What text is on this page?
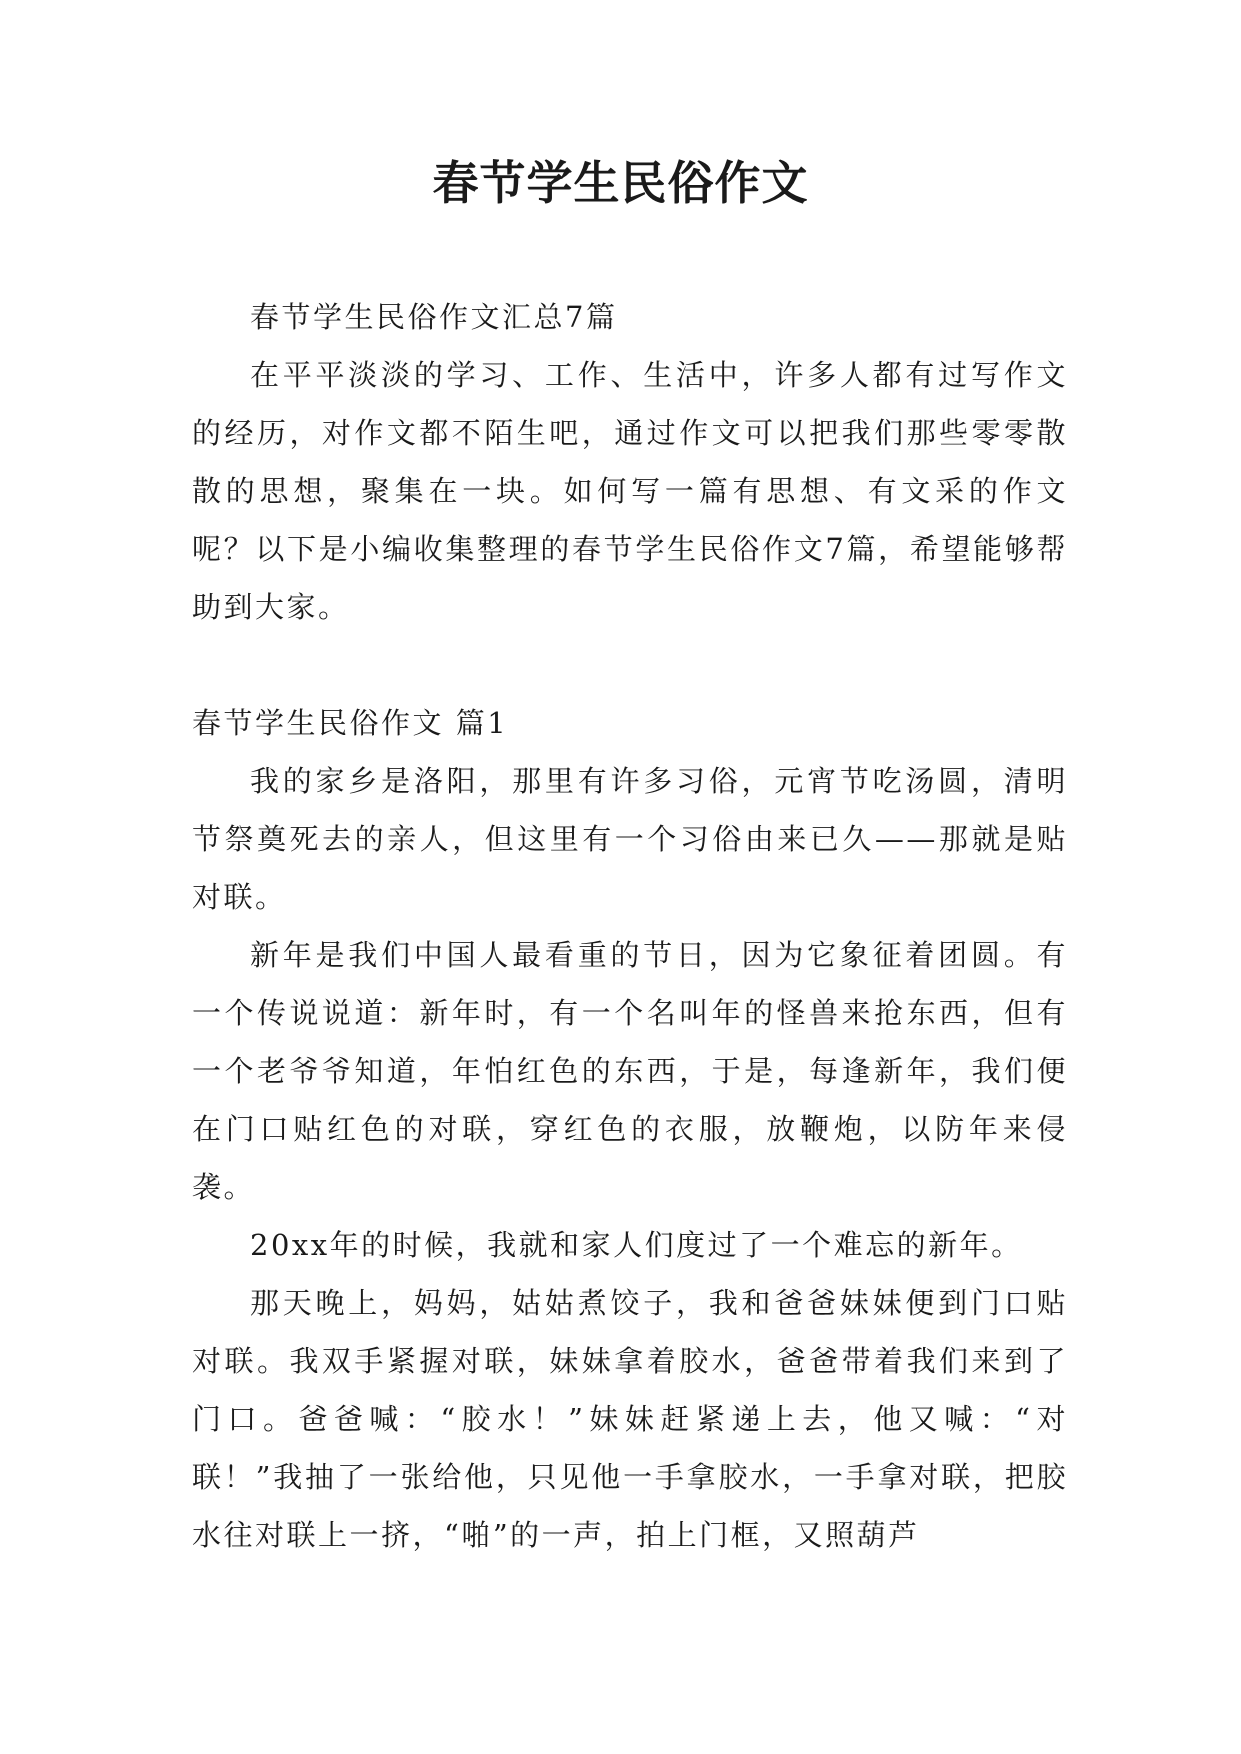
春节学生民俗作文

春节学生民俗作文汇总7篇

在平平淡淡的学习、工作、生活中，许多人都有过写作文的经历，对作文都不陌生吧，通过作文可以把我们那些零零散散的思想，聚集在一块。如何写一篇有思想、有文采的作文呢？以下是小编收集整理的春节学生民俗作文7篇，希望能够帮助到大家。

春节学生民俗作文 篇1

我的家乡是洛阳，那里有许多习俗，元宵节吃汤圆，清明节祭奠死去的亲人，但这里有一个习俗由来已久——那就是贴对联。

新年是我们中国人最看重的节日，因为它象征着团圆。有一个传说说道：新年时，有一个名叫年的怪兽来抢东西，但有一个老爷爷知道，年怕红色的东西，于是，每逢新年，我们便在门口贴红色的对联，穿红色的衣服，放鞭炮，以防年来侵袭。

20xx年的时候，我就和家人们度过了一个难忘的新年。

那天晚上，妈妈，姑姑煮饺子，我和爸爸妹妹便到门口贴对联。我双手紧握对联，妹妹拿着胶水，爸爸带着我们来到了门口。爸爸喊：“胶水！”妹妹赶紧递上去，他又喊：“对联！”我抽了一张给他，只见他一手拿胶水，一手拿对联，把胶水往对联上一挤，“啪”的一声，拍上门框，又照葫芦
